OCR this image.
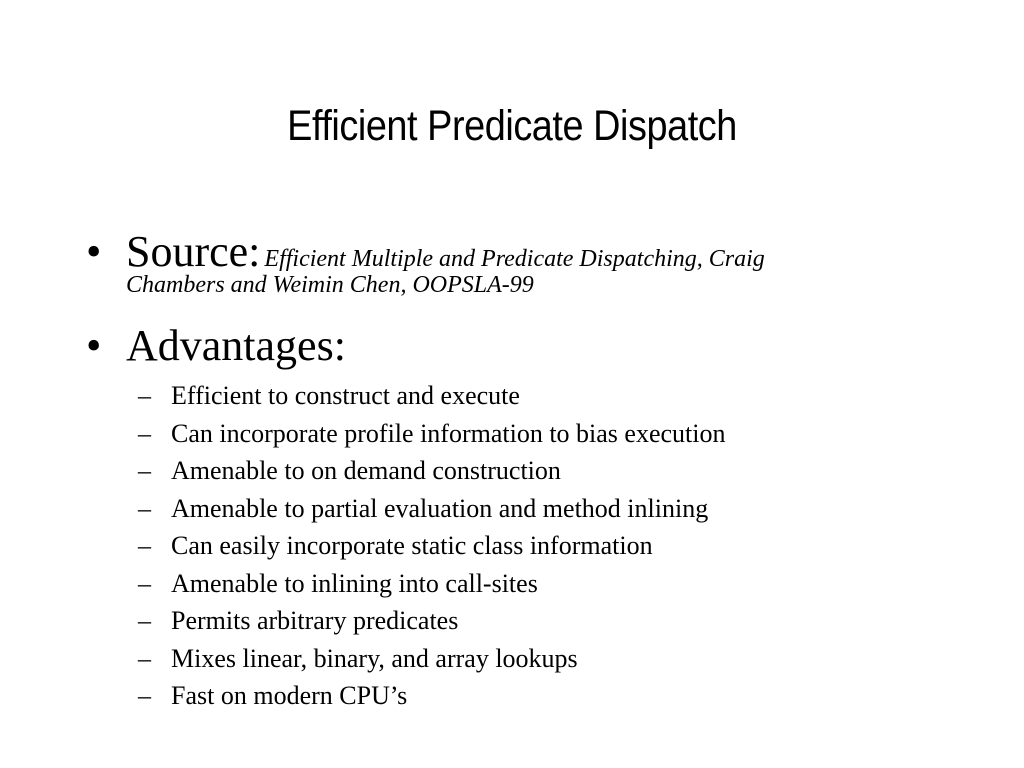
Efficient Predicate Dispatch
• Source: Efficient Multiple and Predicate Dispatching, Craig
Chambers and Weimin Chen, OOPSLA-99
• Advantages:
– Efficient to construct and execute
– Can incorporate profile information to bias execution
– Amenable to on demand construction
– Amenable to partial evaluation and method inlining
– Can easily incorporate static class information
– Amenable to inlining into call-sites
– Permits arbitrary predicates
– Mixes linear, binary, and array lookups
– Fast on modern CPU’s
